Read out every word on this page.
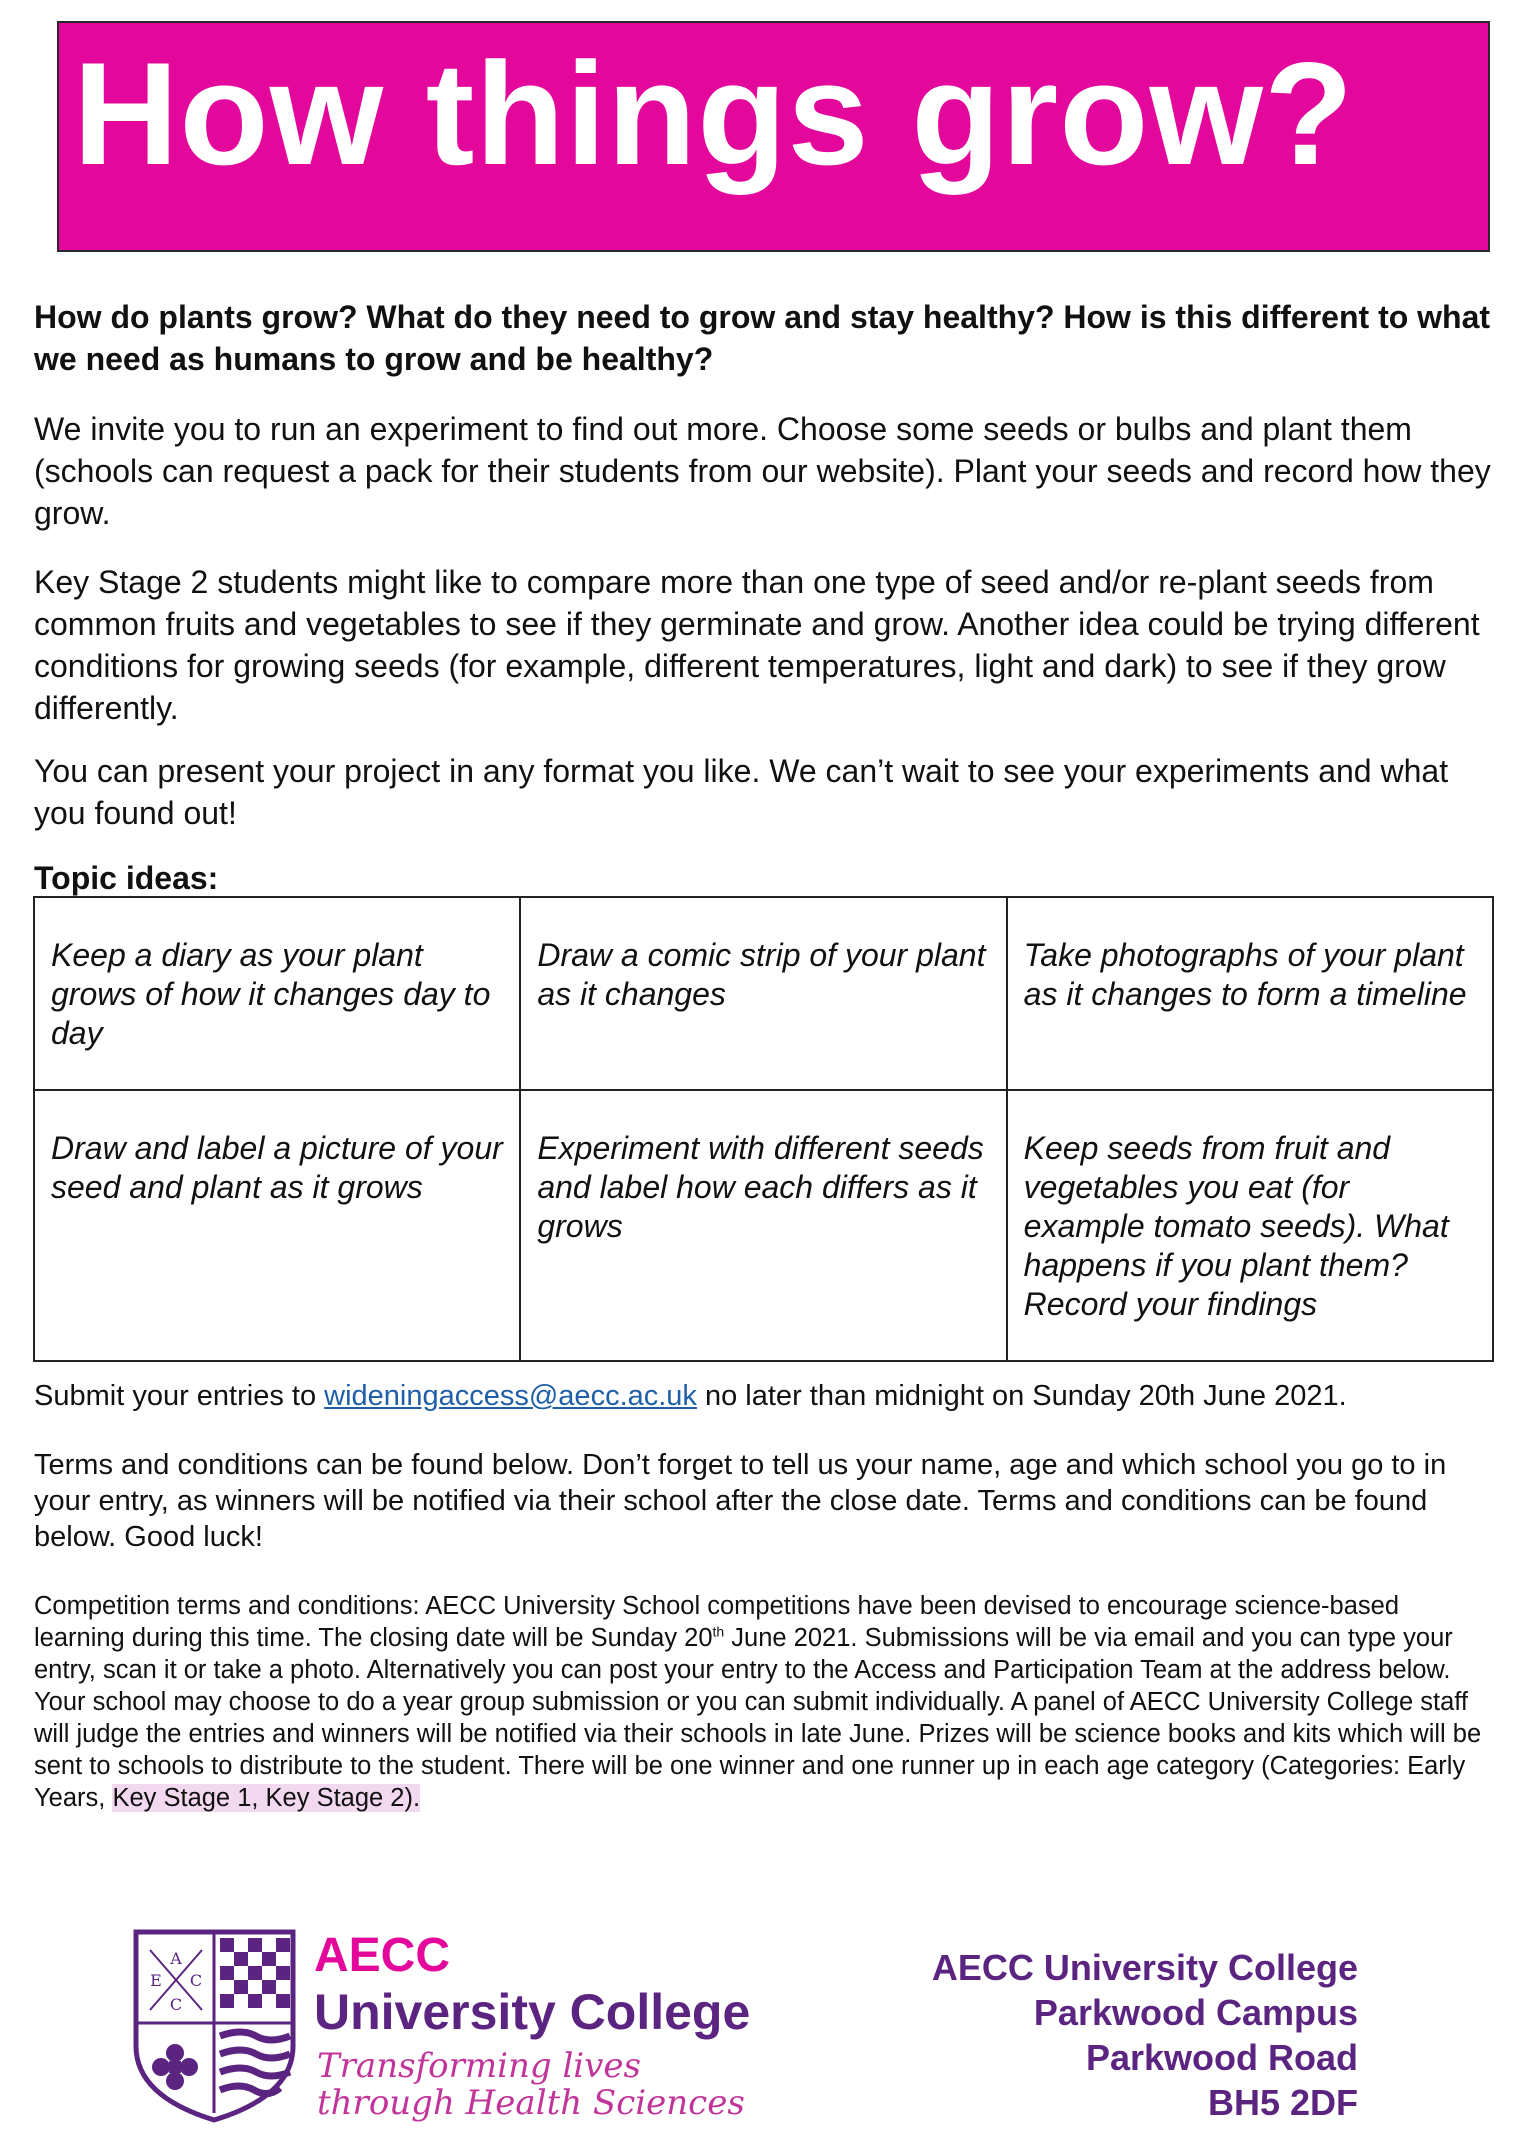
How things grow?

How do plants grow? What do they need to grow and stay healthy? How is this different to what we need as humans to grow and be healthy?

We invite you to run an experiment to find out more. Choose some seeds or bulbs and plant them (schools can request a pack for their students from our website). Plant your seeds and record how they grow.

Key Stage 2 students might like to compare more than one type of seed and/or re-plant seeds from common fruits and vegetables to see if they germinate and grow. Another idea could be trying different conditions for growing seeds (for example, different temperatures, light and dark) to see if they grow differently.

You can present your project in any format you like. We can’t wait to see your experiments and what you found out!

Topic ideas:

Keep a diary as your plant grows of how it changes day to day	Draw a comic strip of your plant as it changes	Take photographs of your plant as it changes to form a timeline
Draw and label a picture of your seed and plant as it grows	Experiment with different seeds and label how each differs as it grows	Keep seeds from fruit and vegetables you eat (for example tomato seeds). What happens if you plant them? Record your findings

Submit your entries to wideningaccess@aecc.ac.uk no later than midnight on Sunday 20th June 2021.

Terms and conditions can be found below. Don’t forget to tell us your name, age and which school you go to in your entry, as winners will be notified via their school after the close date. Terms and conditions can be found below. Good luck!

Competition terms and conditions: AECC University School competitions have been devised to encourage science-based learning during this time. The closing date will be Sunday 20th June 2021. Submissions will be via email and you can type your entry, scan it or take a photo. Alternatively you can post your entry to the Access and Participation Team at the address below. Your school may choose to do a year group submission or you can submit individually. A panel of AECC University College staff will judge the entries and winners will be notified via their schools in late June. Prizes will be science books and kits which will be sent to schools to distribute to the student. There will be one winner and one runner up in each age category (Categories: Early Years, Key Stage 1, Key Stage 2).

A
E C
C

AECC

University College

Transforming lives

through Health Sciences

AECC University College
Parkwood Campus
Parkwood Road
BH5 2DF
